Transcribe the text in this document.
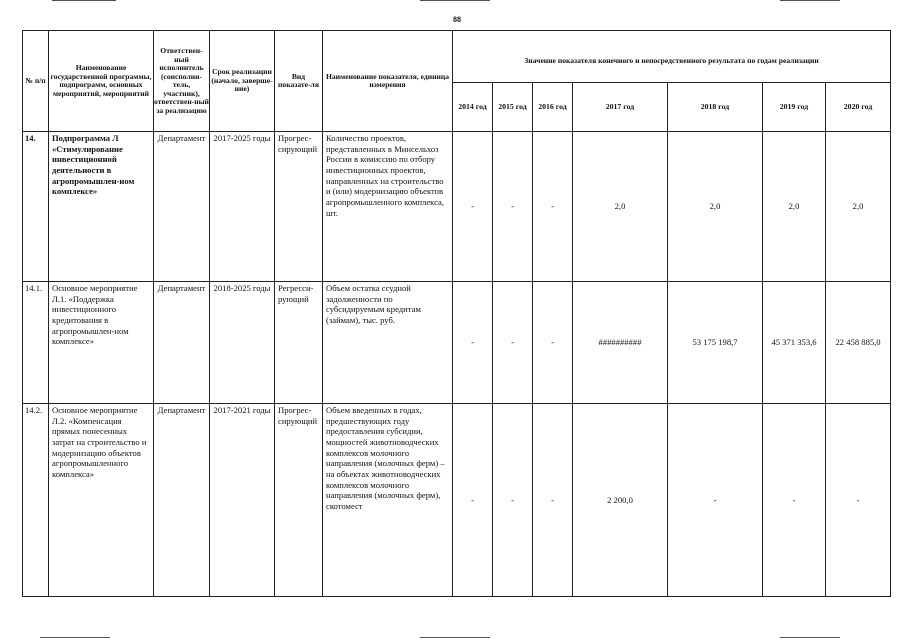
88
№ п/п	Наименование государственной программы, подпрограмм, основных мероприятий, мероприятий	Ответствен-ный исполнитель (соисполни-тель, участник), ответствен-ный за реализацию	Срок реализации (начало, заверше-ние)	Вид показате-ля	Наименование показателя, единица измерения	Значение показателя конечного и непосредственного результата по годам реализации						
						2014 год	2015 год	2016 год	2017 год	2018 год	2019 год	2020 год
14.	Подпрограмма Л «Стимулирование инвестиционной деятельности в агропромышлен-ном комплексе»	Департамент	2017-2025 годы	Прогрес-сирующий	Количество проектов, представленных в Минсельхоз России в комиссию по отбору инвестиционных проектов, направленных на строительство и (или) модернизацию объектов агропромышленного комплекса, шт.	-	-	-	2,0	2,0	2,0	2,0
14.1.	Основное мероприятие Л.1. «Поддержка инвестиционного кредитования в агропромышлен-ном комплексе»	Департамент	2018-2025 годы	Регресси-рующий	Объем остатка ссудной задолженности по субсидируемым кредитам (займам), тыс. руб.	-	-	-	##########	53 175 198,7	45 371 353,6	22 458 885,0
14.2.	Основное мероприятие Л.2. «Компенсация прямых понесенных затрат на строительство и модернизацию объектов агропромышленного комплекса»	Департамент	2017-2021 годы	Прогрес-сирующий	Объем введенных в годах, предшествующих году предоставления субсидии, мощностей животноводческих комплексов молочного направления (молочных ферм) – на объектах животноводческих комплексов молочного направления (молочных ферм), скотомест	-	-	-	2 200,0	-	-	-
